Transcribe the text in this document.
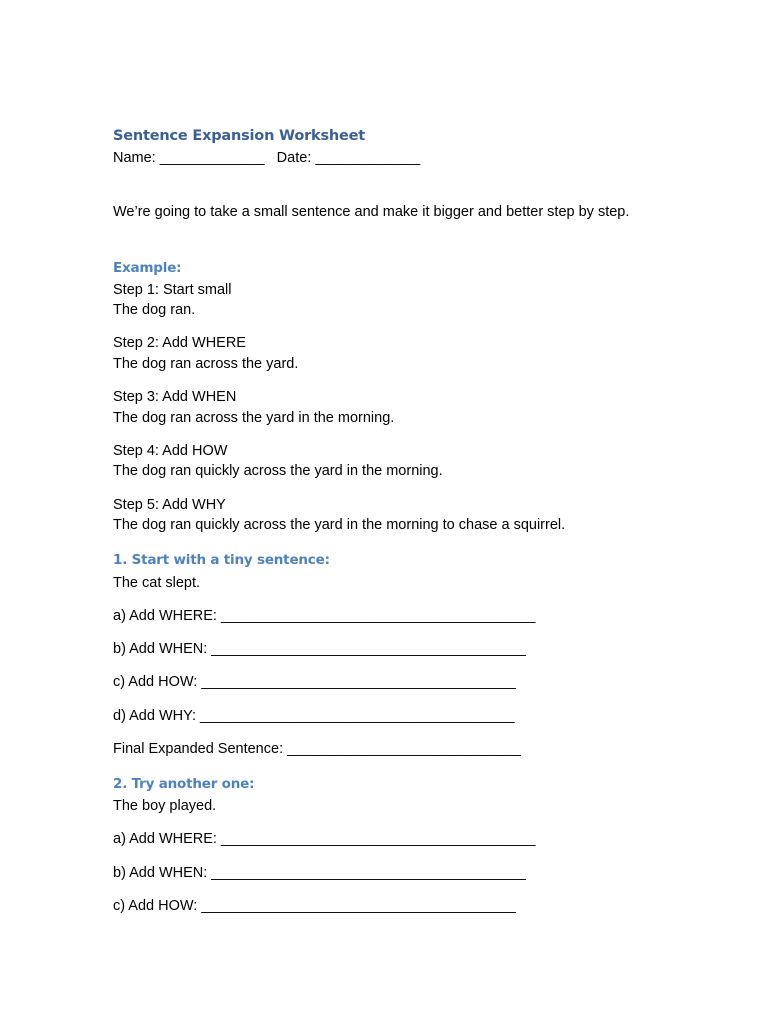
Sentence Expansion Worksheet
Name: _____________   Date: _____________
We’re going to take a small sentence and make it bigger and better step by step.
Example:
Step 1: Start small
The dog ran.
Step 2: Add WHERE
The dog ran across the yard.
Step 3: Add WHEN
The dog ran across the yard in the morning.
Step 4: Add HOW
The dog ran quickly across the yard in the morning.
Step 5: Add WHY
The dog ran quickly across the yard in the morning to chase a squirrel.
1. Start with a tiny sentence:
The cat slept.
a) Add WHERE: _______________________________________
b) Add WHEN: _______________________________________
c) Add HOW: _______________________________________
d) Add WHY: _______________________________________
Final Expanded Sentence: _____________________________
2. Try another one:
The boy played.
a) Add WHERE: _______________________________________
b) Add WHEN: _______________________________________
c) Add HOW: _______________________________________
